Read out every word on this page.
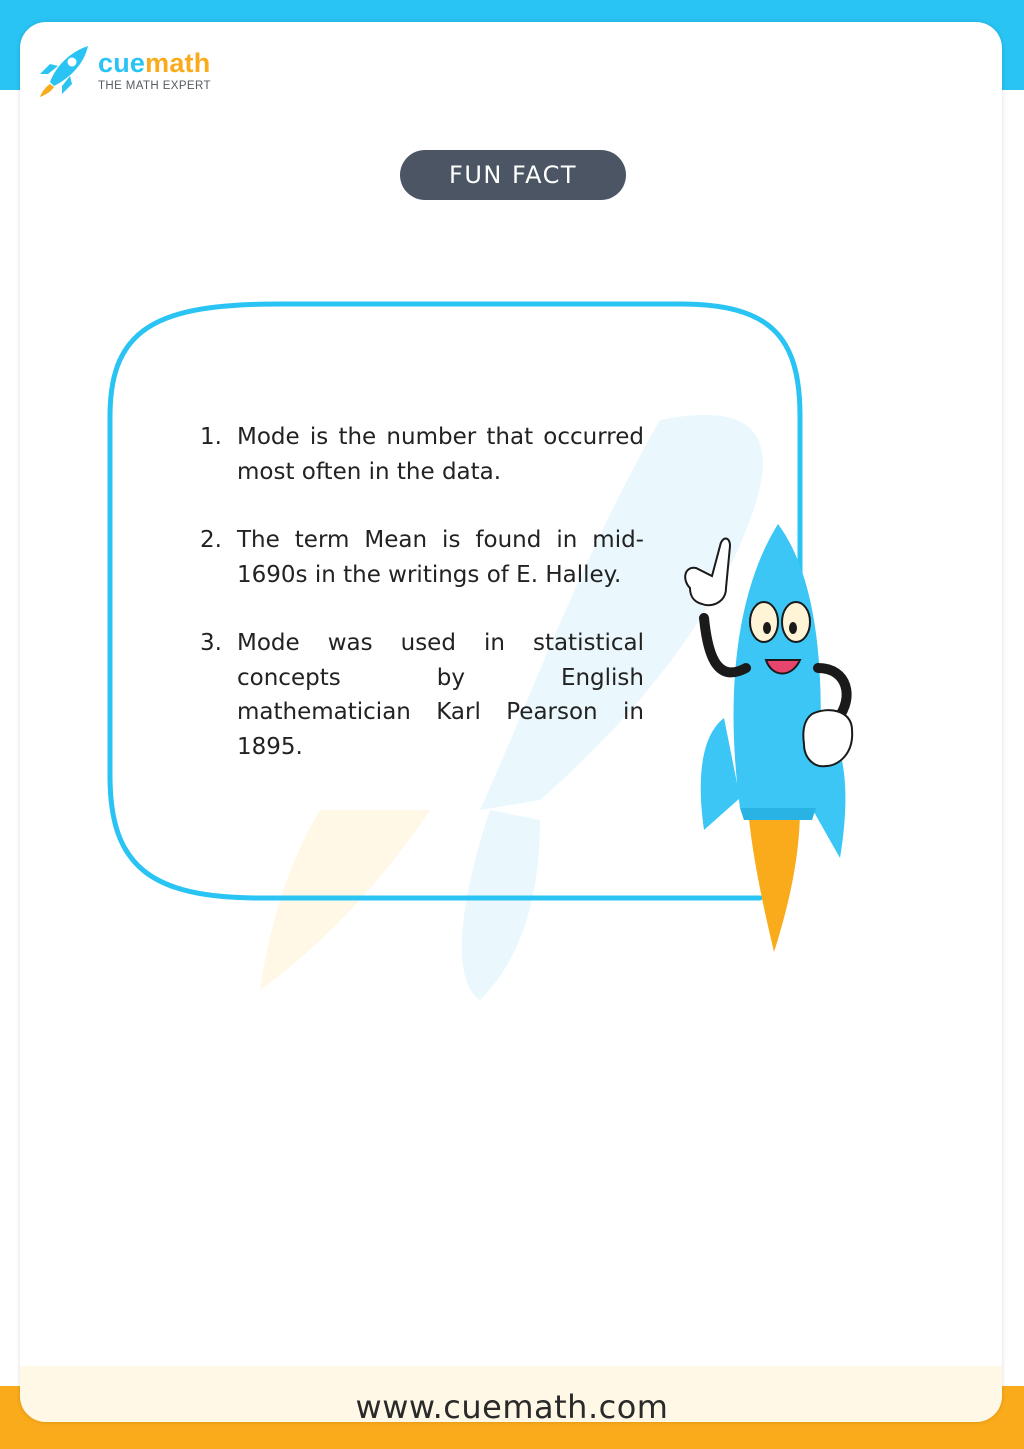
cuemath
THE MATH EXPERT
FUN FACT
1. Mode is the number that occurred most often in the data.
2. The term Mean is found in mid-1690s in the writings of E. Halley.
3. Mode was used in statistical concepts by English mathematician Karl Pearson in 1895.
www.cuemath.com
